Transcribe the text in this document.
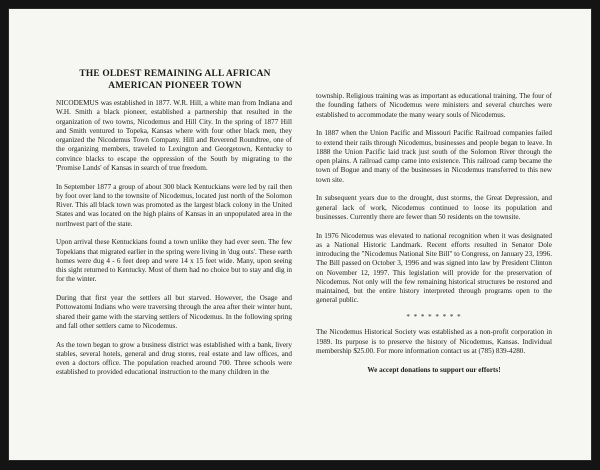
THE OLDEST REMAINING ALL AFRICAN
AMERICAN PIONEER TOWN

NICODEMUS was established in 1877. W.R. Hill, a white man from Indiana and W.H. Smith a black pioneer, established a partnership that resulted in the organization of two towns, Nicodemus and Hill City. In the spring of 1877 Hill and Smith ventured to Topeka, Kansas where with four other black men, they organized the Nicodemus Town Company. Hill and Reverend Roundtree, one of the organizing members, traveled to Lexington and Georgetown, Kentucky to convince blacks to escape the oppression of the South by migrating to the 'Promise Lands' of Kansas in search of true freedom.

In September 1877 a group of about 300 black Kentuckians were led by rail then by foot over land to the townsite of Nicodemus, located just north of the Solomon River. This all black town was promoted as the largest black colony in the United States and was located on the high plains of Kansas in an unpopulated area in the northwest part of the state.

Upon arrival these Kentuckians found a town unlike they had ever seen. The few Topekians that migrated earlier in the spring were living in 'dug outs'. These earth homes were dug 4 - 6 feet deep and were 14 x 15 feet wide. Many, upon seeing this sight returned to Kentucky. Most of them had no choice but to stay and dig in for the winter.

During that first year the settlers all but starved. However, the Osage and Pottowatomi Indians who were traversing through the area after their winter hunt, shared their game with the starving settlers of Nicodemus. In the following spring and fall other settlers came to Nicodemus.

As the town began to grow a business district was established with a bank, livery stables, several hotels, general and drug stores, real estate and law offices, and even a doctors office. The population reached around 700. Three schools were established to provided educational instruction to the many children in the

township. Religious training was as important as educational training. The four of the founding fathers of Nicodemus were ministers and several churches were established to accommodate the many weary souls of Nicodemus.

In 1887 when the Union Pacific and Missouri Pacific Railroad companies failed to extend their rails through Nicodemus, businesses and people began to leave. In 1888 the Union Pacific laid track just south of the Solomon River through the open plains. A railroad camp came into existence. This railroad camp became the town of Bogue and many of the businesses in Nicodemus transferred to this new town site.

In subsequent years due to the drought, dust storms, the Great Depression, and general lack of work, Nicodemus continued to loose its population and businesses. Currently there are fewer than 50 residents on the townsite.

In 1976 Nicodemus was elevated to national recognition when it was designated as a National Historic Landmark. Recent efforts resulted in Senator Dole introducing the "Nicodemus National Site Bill" to Congress, on January 23, 1996. The Bill passed on October 3, 1996 and was signed into law by President Clinton on November 12, 1997. This legislation will provide for the preservation of Nicodemus. Not only will the few remaining historical structures be restored and maintained, but the entire history interpreted through programs open to the general public.

* * * * * * * *

The Nicodemus Historical Society was established as a non-profit corporation in 1989. Its purpose is to preserve the history of Nicodemus, Kansas. Individual membership $25.00. For more information contact us at (785) 839-4280.

We accept donations to support our efforts!
